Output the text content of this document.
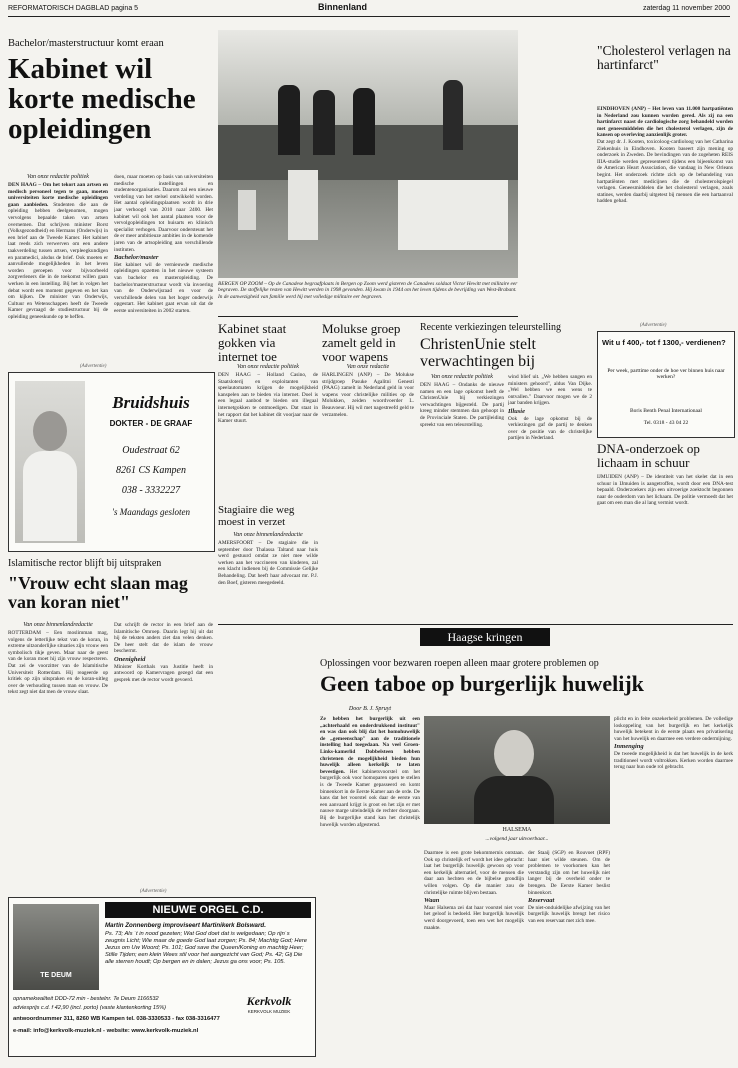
REFORMATORISCH DAGBLAD pagina 5	Binnenland	zaterdag 11 november 2000
Bachelor/masterstructuur komt eraan
Kabinet wil korte medische opleidingen
Van onze redactie politiek
DEN HAAG – Om het tekort aan artsen en medisch personeel tegen te gaan, moeten universiteiten korte medische opleidingen gaan aanbieden. Studenten die aan de opleiding hebben deelgenomen, mogen vervolgens bepaalde taken van artsen overnemen. Dat schrijven minister Borst (Volksgezondheid) en Hermans (Onderwijs) in een brief aan de Tweede Kamer. Het kabinet laat reeds zich verwerven om een andere taakverdeling tussen artsen, verpleegkundigen en paramedici, alsdus de brief. Ook moeten er aanvullende mogelijkheden in het leven worden geroepen voor bijvoorbeeld zorgverleners die in de toekomst willen gaan werken in een instelling. Bij het in volgen het debat wordt een moment gegeven en het kan om kijken. De minister van Onderwijs, Cultuur en Wetenschappen heeft de Tweede Kamer gevraagd de studiestructuur bij de opleiding geneeskunde op te heffen.
doen, maar moeten op basis van universiteiten medische instellingen en studentenorganisaties. Daarom zal een nieuwe verdeling van het stelsel ontwikkeld worden. Het aantal opleidingsplaatsen wordt in drie jaar verhoogd van 2010 naar 2400. Het kabinet wil ook het aantal plaatsen voor de vervolgopleidingen tot huisarts en klinisch specialist verhogen. Daarvoor ondersteunt het de er meer ambitieuze ambities in de komende jaren van de artsopleiding aan verschillende instituten.
Bachelor/master
Het kabinet wil de vernieuwde medische opleidingen opzetten in het nieuwe systeem van bachelor en masteropleiding. De bachelor/masterstructuur wordt via invoering van de Onderwijsraad en voor de verschillende delen van het hoger onderwijs opgestart. Het kabinet gaat ervan uit dat de eerste universiteiten in 2002 starten.
BERGEN OP ZOOM – Op de Canadese begraafplaats in Bergen op Zoom werd gisteren de Canadees soldaat Victor Hewitt met militaire eer begraven. De stoffelijke resten van Hewitt werden in 1998 gevonden. Hij kwam in 1944 om het leven tijdens de bevrijding van West-Brabant. In de aanwezigheid van familie werd hij met volledige militaire eer begraven.
"Cholesterol verlagen na hartinfarct"
EINDHOVEN (ANP) – Het leven van 11.000 hartpatiënten in Nederland zou kunnen worden gered. Als zij na een hartinfarct naast de cardiologische zorg behandeld worden met geneesmiddelen die het cholesterol verlagen, zijn de kansen op overleving aanzienlijk groter.
Dat zegt dr. J. Kooten, toxicoloog-cardioloog van het Catharina Ziekenhuis in Eindhoven. Kooten baseert zijn mening op onderzoek in Zweden. De bevindingen van de zogeheten REIS IIIA-studie werden gepresenteerd tijdens een bijeenkomst van de American Heart Association, die vandaag in New Orleans begint. Het onderzoek richtte zich op de behandeling van hartpatiënten met medicijnen die de cholesterolspiegel verlagen. Geneesmiddelen die het cholesterol verlagen, zoals statines, werden daarbij uitgetest bij mensen die een hartaanval hadden gehad.
(Advertentie)
Wit u f 400,- tot f 1300,- verdienen?
Per week, parttime onder de hoe ver binnen huis naar werken?
Boris Benth Penal Internationaal
Tel. 0318 - 43 04 22
DNA-onderzoek op lichaam in schuur
IJMUIDEN (ANP) – De identiteit van het skelet dat in een schuur in IJmuiden is aangetroffen, wordt door een DNA-test bepaald. Onderzoekers zijn een uitvoerige zoektocht begonnen naar de ouderdom van het lichaam. De politie vermoedt dat het gaat om een man die al lang vermist wordt.
(Advertentie)
Bruidshuis
DOKTER - DE GRAAF
Oudestraat 62
8261 CS Kampen
038 - 3332227
's Maandags gesloten
Islamitische rector blijft bij uitspraken
"Vrouw echt slaan mag van koran niet"
Van onze binnenlandredactie
ROTTERDAM – Een moslimman mag, volgens de letterlijke tekst van de koran, in extreme uitzonderlijke situaties zijn vrouw een symbolisch tikje geven. Maar naar de geest van de koran moet hij zijn vrouw respecteren. Dat zei de voorzitter van de Islamitische Universiteit Rotterdam. Hij reageerde op kritiek op zijn uitspraken en de koran-uitleg over de verhouding tussen man en vrouw. De tekst zegt niet dat men de vrouw slaat.
Dat schrijft de rector in een brief aan de Islamitische Omroep. Daarin legt hij uit dat hij de teksten anders ziet dan velen denken. De heer stelt dat de islam de vrouw beschermt.
Onenigheid
Minister Korthals van Justitie heeft in antwoord op Kamervragen gezegd dat een gesprek met de rector wordt gevoerd.
Kabinet staat gokken via internet toe
Van onze redactie politiek
DEN HAAG – Holland Casino, de Staatsloterij en exploitanten van speelautomaten krijgen de mogelijkheid kanspelen aan te bieden via internet. Doel is een legaal aanbod te bieden om illegaal internetgokken te ontmoedigen. Dat staat in het rapport dat het kabinet dit voorjaar naar de Kamer stuurt.
Stagiaire die weg moest in verzet
Van onze binnenlandredactie
AMERSFOORT – De stagiaire die in september door Thalassa Taltand naar huis werd gestuurd omdat ze niet mee wilde werken aan het vaccineren van kinderen, zal een klacht indienen bij de Commissie Gelijke Behandeling. Dat heeft haar advocaat mr. P.J. den Boef, gisteren meegedeeld.
Molukse groep zamelt geld in voor wapens
Van onze redactie
HARLINGEN (ANP) – De Molukse strijdgroep Pasuke Agalitni Genesti (PAAG) zamelt in Nederland geld in voor wapens voor christelijke milities op de Molukken, zeiden woordvoerder L. Beauvoeur. Hij wil met nagestreefd geld te verzamelen.
Recente verkiezingen teleurstelling
ChristenUnie stelt verwachtingen bij
Van onze redactie politiek
DEN HAAG – Ondanks de nieuwe namen en een lage opkomst heeft de ChristenUnie bij verkiezingen verwachtingen bijgesteld. De partij kreeg minder stemmen dan gehoopt in de Provinciale Staten. De partijleiding spreekt van een teleurstelling.
wind blief uit. „We hebben sangen en ministers gehoord", aldus Van Dijke. „Wel hebben we een wens te ontvallen." Daarvoor mogen we de 2 jaar banden krijgen.
Illusie
Ook de lage opkomst bij de verkiezingen gaf de partij te denken over de positie van de christelijke partijen in Nederland.
Haagse kringen
Oplossingen voor bezwaren roepen alleen maar grotere problemen op
Geen taboe op burgerlijk huwelijk
Door B. J. Spruyt
Ze hebben het burgerlijk uit een „achterhaald en onderdrukkend instituut" en was dan ook blij dat het homohuwelijk de „gemeenschap" aan de traditionele instelling had toegedaan. Na veel Groen-Links-kamerlid Dobbelsteen hebben christenen de mogelijkheid bieden hun huwelijk alleen kerkelijk te laten bevestigen. Het kabinetsvoorstel om het burgerlijk ook voor homoparen open te stellen is de Tweede Kamer gepasseerd en komt binnenkort in de Eerste Kamer aan de orde. De kans dat het voorstel ook daar de eerste van een aanvaard krijgt is groot en het zijn er met nauwe marge uiteindelijk de rechter doorgaan. Bij de burgerlijke stand kan het christelijk huwelijk worden afgestemd.
Daarmee is een grote bekommernis ontstaan. Ook op christelijk erf wordt het idee gebracht: laat het burgerlijk huwelijk gewoon op voor een kerkelijk alternatief, voor de mensen die daar aan hechten en de bijbelse grondlijn willen volgen. Op die manier zou de christelijke ruimte blijven bestaan.
Waan
Maar Halsema zei dat haar voorstel niet voor het geloof is bedoeld. Het burgerlijk huwelijk werd doorgevoerd, toen een wet het mogelijk maakte.
HALSEMA
...volgend jaar uitvoerbaar...
der Staaij (SGP) en Rouvoet (RPF) haar niet wilde steunen. Om de problemen te voorkomen kan het verstandig zijn om het huwelijk niet langer bij de overheid onder te brengen. De Eerste Kamer beslist binnenkort.
Reservaat
De niet-onduidelijke afwijzing van het burgerlijk huwelijk brengt het risico van een reservaat met zich mee.
plicht en in feite onzekerheid problemen. De volledige loskoppeling van het burgerlijk en het kerkelijk huwelijk betekent in de eerste plaats een privatisering van het huwelijk en daarmee een verdere ondermijning.
Inmenging
De tweede mogelijkheid is dat het huwelijk in de kerk traditioneel wordt voltrokken. Kerken worden daarmee terug naar hun oude rol gebracht.
(Advertentie)
TE DEUM
NIEUWE ORGEL C.D.
Martin Zonnenberg improviseert Martinikerk Bolsward.
Ps. 73; Als ´t in nood gezeten; Wat God doet dat is welgedaan; Op rijn´s zeugnis Licht; Wie maar de goede God laat zorgen; Ps. 84; Machtig God; Here Jezus om Uw Woord; Ps. 101; God save the Queen/Koning en machtig Heer; Stille Tijden; een klein Wees stil voor het aangezicht van God; Ps. 42; Gij Die alle sterren houdt; Op bergen en in dalen; Jezus ga ons voor; Ps. 105.
opnamekwaliteit DDD-72 min - bestelnr. Te Deum 1166532
adviesprijs c.d. f 42,90 (incl. porto) (vaste klantenkorting 15%)
antwoordnummer 311, 8260 WB Kampen tel. 038-3330533 - fax 038-3316477
e-mail: info@kerkvolk-muziek.nl - website: www.kerkvolk-muziek.nl
Kerkvolk
KERKVOLK MUZIEK
